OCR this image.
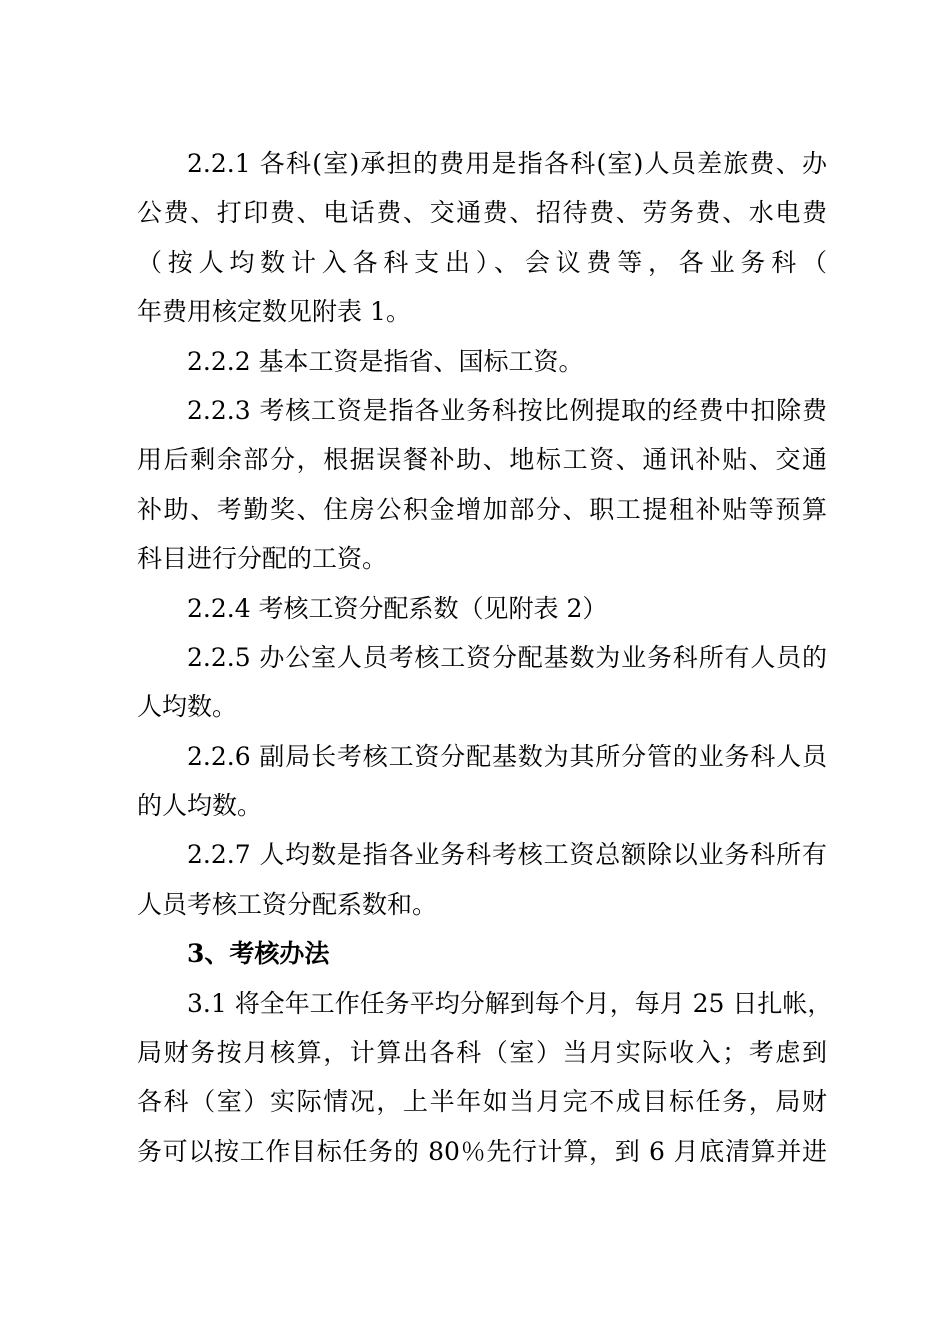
2.2.1 各科(室)承担的费用是指各科(室)人员差旅费、办
公费、打印费、电话费、交通费、招待费、劳务费、水电费
（按人均数计入各科支出）、会议费等，各业务科（
年费用核定数见附表 1。
2.2.2 基本工资是指省、国标工资。
2.2.3 考核工资是指各业务科按比例提取的经费中扣除费
用后剩余部分，根据误餐补助、地标工资、通讯补贴、交通
补助、考勤奖、住房公积金增加部分、职工提租补贴等预算
科目进行分配的工资。
2.2.4 考核工资分配系数（见附表 2）
2.2.5 办公室人员考核工资分配基数为业务科所有人员的
人均数。
2.2.6 副局长考核工资分配基数为其所分管的业务科人员
的人均数。
2.2.7 人均数是指各业务科考核工资总额除以业务科所有
人员考核工资分配系数和。
3、考核办法
3.1 将全年工作任务平均分解到每个月，每月 25 日扎帐，
局财务按月核算，计算出各科（室）当月实际收入；考虑到
各科（室）实际情况，上半年如当月完不成目标任务，局财
务可以按工作目标任务的 80％先行计算，到 6 月底清算并进
